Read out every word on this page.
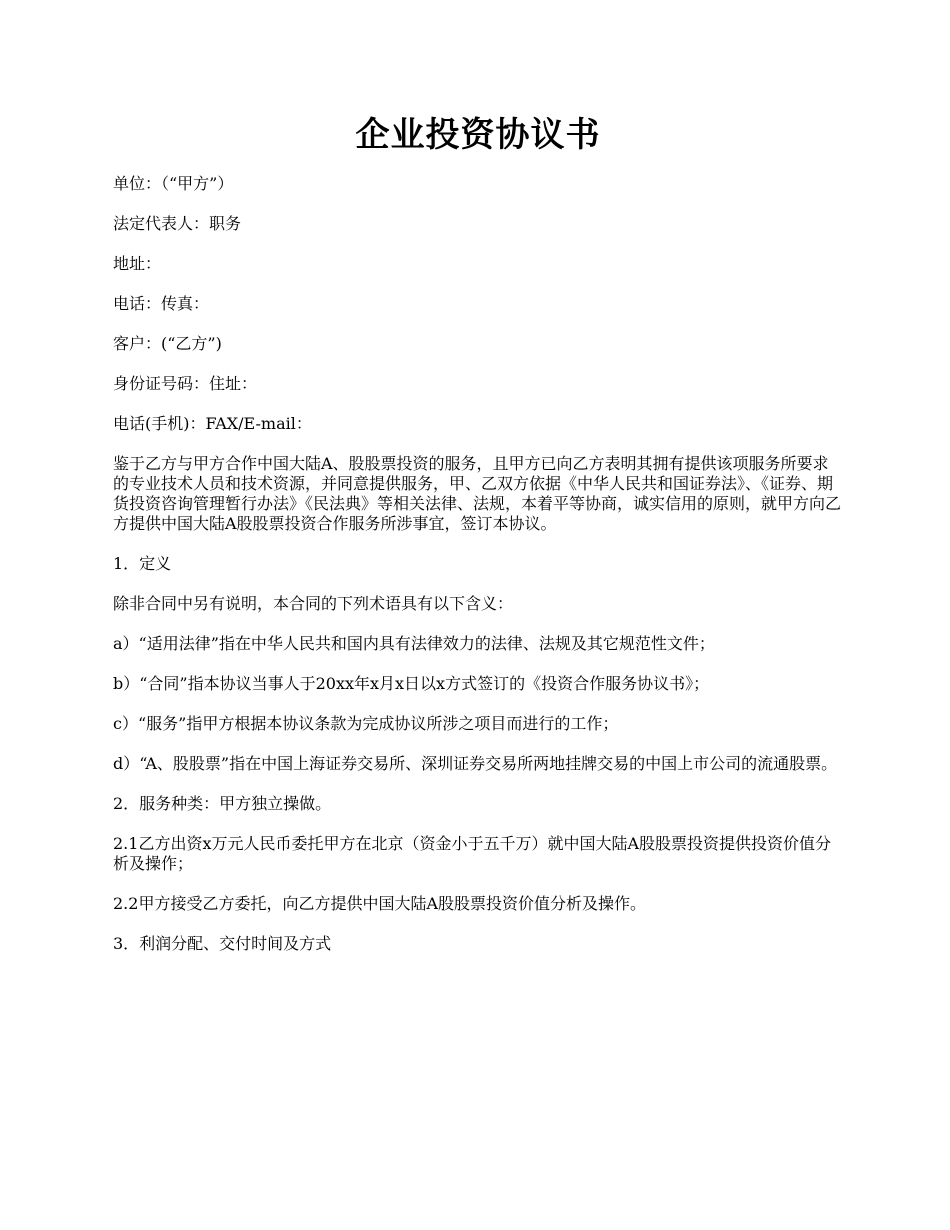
企业投资协议书

单位：（“甲方”）

法定代表人：职务

地址：

电话：传真：

客户：(“乙方”)

身份证号码：住址：

电话(手机)：FAX/E-mail：

鉴于乙方与甲方合作中国大陆A、股股票投资的服务，且甲方已向乙方表明其拥有提供该项服务所要求的专业技术人员和技术资源，并同意提供服务，甲、乙双方依据《中华人民共和国证券法》、《证券、期货投资咨询管理暂行办法》《民法典》等相关法律、法规，本着平等协商，诚实信用的原则，就甲方向乙方提供中国大陆A股股票投资合作服务所涉事宜，签订本协议。

1．定义

除非合同中另有说明，本合同的下列术语具有以下含义：

a）“适用法律”指在中华人民共和国内具有法律效力的法律、法规及其它规范性文件；

b）“合同”指本协议当事人于20xx年x月x日以x方式签订的《投资合作服务协议书》；

c）“服务”指甲方根据本协议条款为完成协议所涉之项目而进行的工作；

d）“A、股股票”指在中国上海证券交易所、深圳证券交易所两地挂牌交易的中国上市公司的流通股票。

2．服务种类：甲方独立操做。

2.1乙方出资x万元人民币委托甲方在北京（资金小于五千万）就中国大陆A股股票投资提供投资价值分析及操作；

2.2甲方接受乙方委托，向乙方提供中国大陆A股股票投资价值分析及操作。

3．利润分配、交付时间及方式
